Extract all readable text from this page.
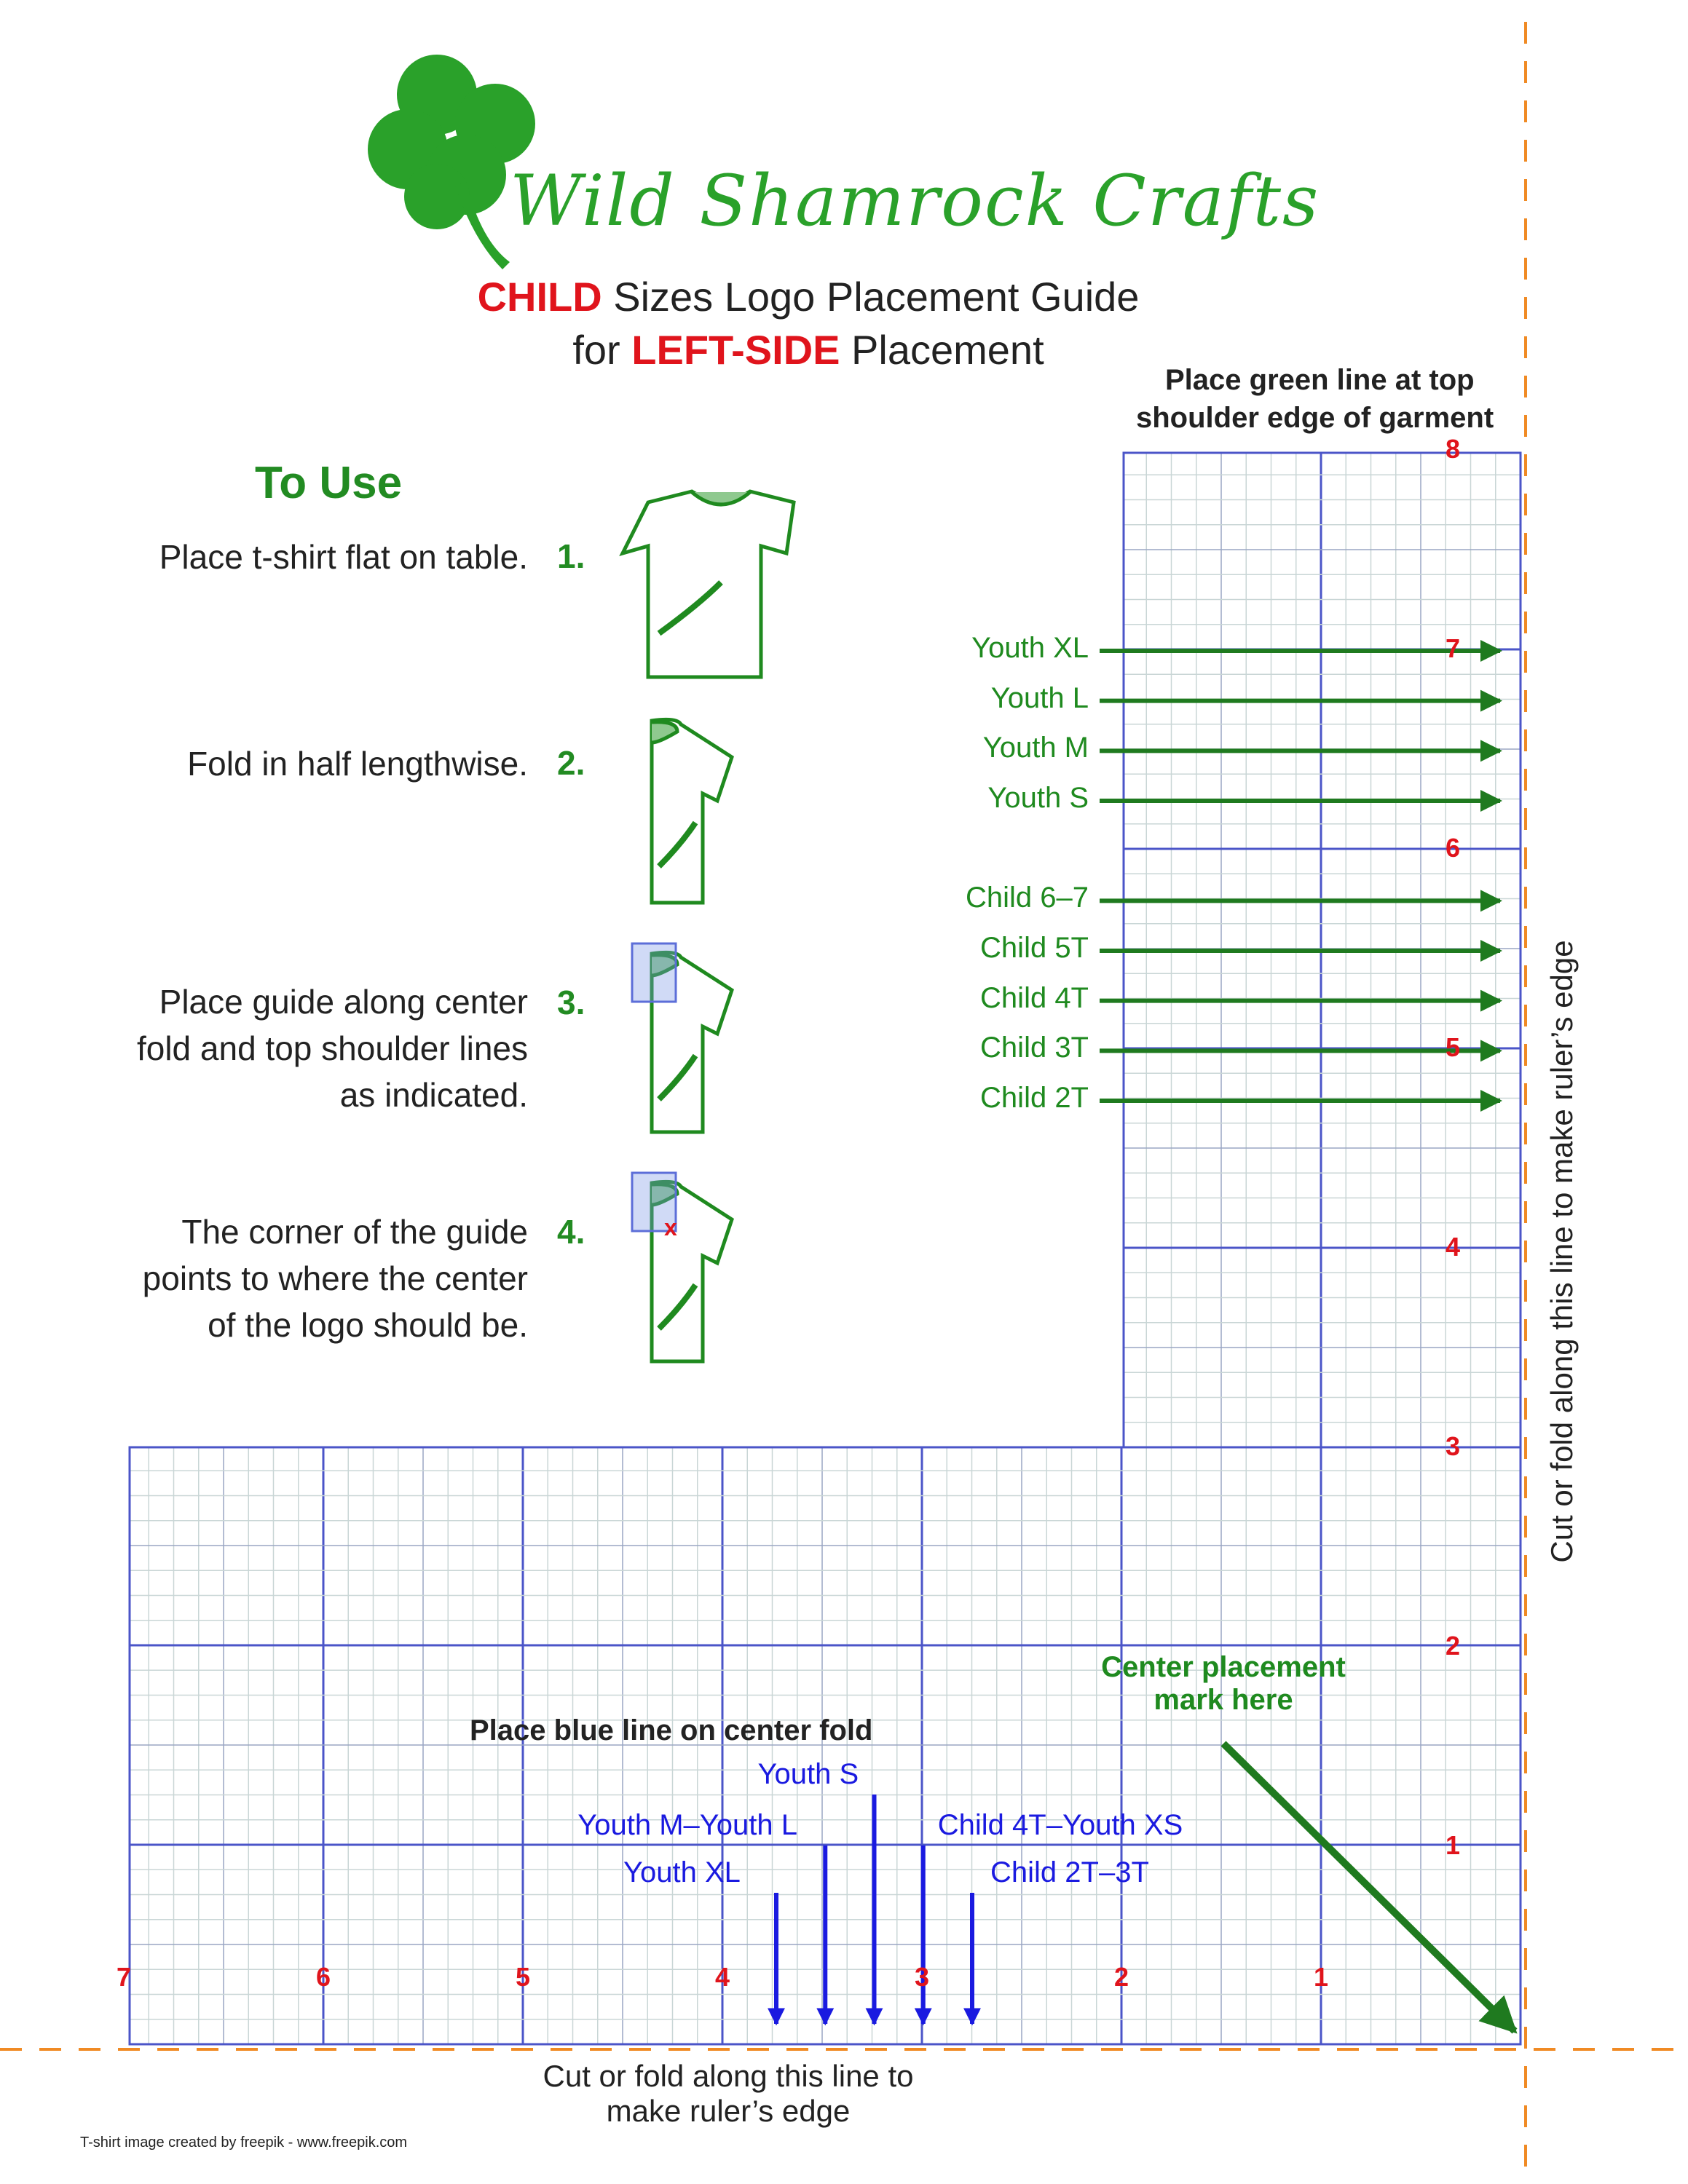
Wild Shamrock Crafts
CHILD Sizes Logo Placement Guide
for LEFT-SIDE Placement
To Use
Place t-shirt flat on table. 1.
Fold in half lengthwise. 2.
Place guide along center
fold and top shoulder lines
as indicated.
3.
The corner of the guide
points to where the center
of the logo should be.
4.	x
Place green line at top
shoulder edge of garment
Place blue line on center fold
Center placement
mark here
Cut or fold along this line to make ruler’s edge
Cut or fold along this line to
make ruler’s edge
T-shirt image created by freepik - www.freepik.com
8
7
6
5
4
3
2
1
7	6	5	4	3	2	1
Youth XL
Youth L
Youth M
Youth S
Child 6–7
Child 5T
Child 4T
Child 3T
Child 2T
Youth XL
Youth M–Youth L
Youth S
Child 4T–Youth XS
Child 2T–3T
